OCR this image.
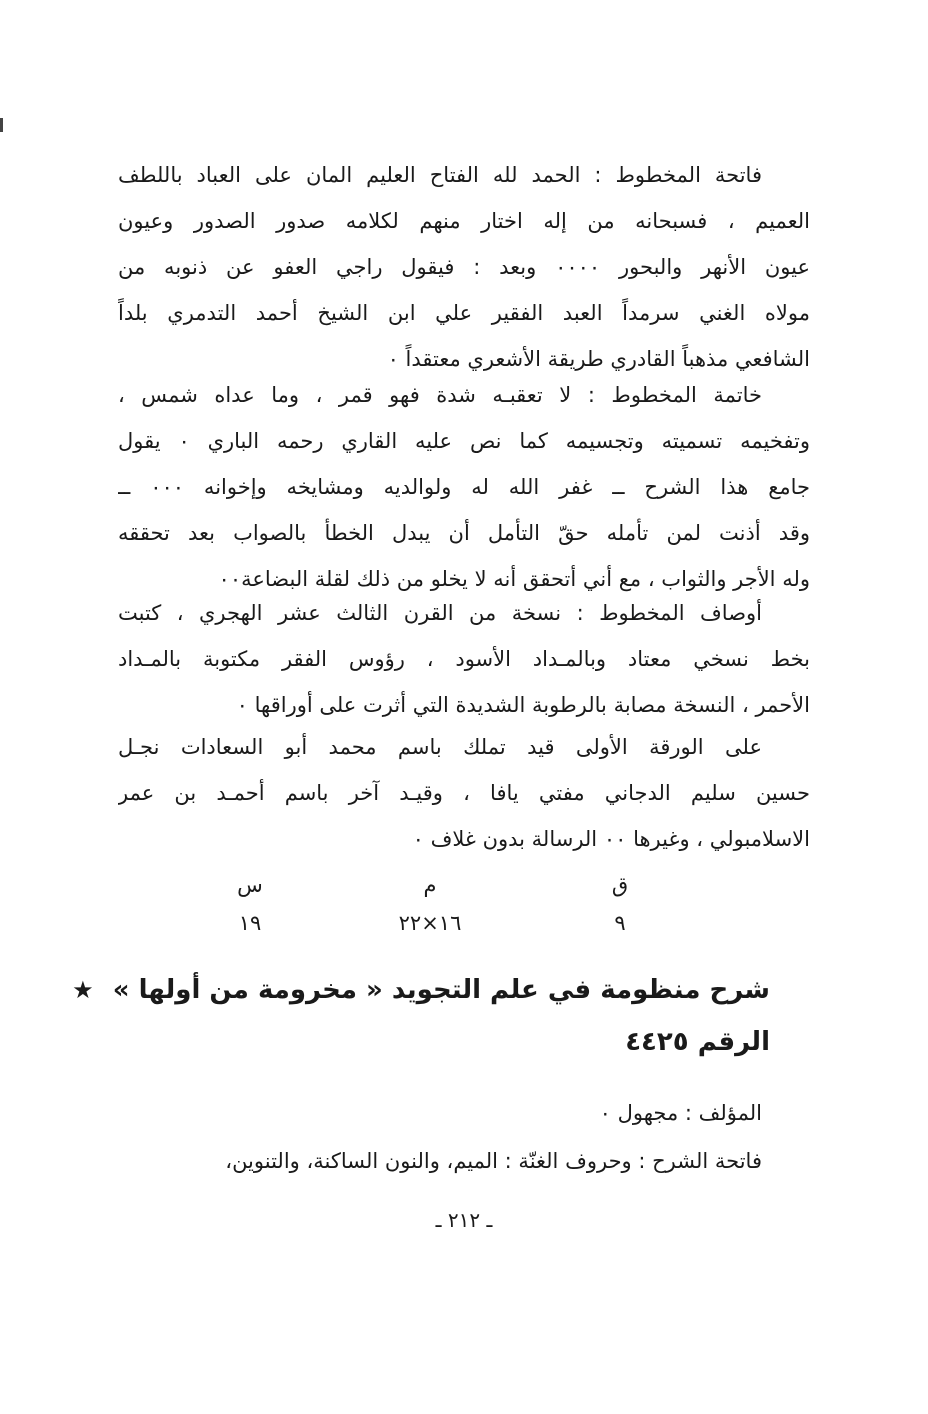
فاتحة المخطوط : الحمد لله الفتاح العليم المان على العباد باللطف
العميم ، فسبحانه من إله اختار منهم لكلامه صدور الصدور وعيون
عيون الأنهر والبحور ٠٠٠٠ وبعد : فيقول راجي العفو عن ذنوبه من
مولاه الغني سرمداً العبد الفقير علي ابن الشيخ أحمد التدمري بلداً
الشافعي مذهباً القادري طريقة الأشعري معتقداً ٠
خاتمة المخطوط : لا تعقبـه شدة فهو قمر ، وما عداه شمس ،
وتفخيمه تسميته وتجسيمه كما نص عليه القاري رحمه الباري ٠ يقول
جامع هذا الشرح ــ غفر الله له ولوالديه ومشايخه وإخوانه ٠٠٠ ــ
وقد أذنت لمن تأمله حقّ التأمل أن يبدل الخطأ بالصواب بعد تحققه
وله الأجر والثواب ، مع أني أتحقق أنه لا يخلو من ذلك لقلة البضاعة٠٠
أوصاف المخطوط : نسخة من القرن الثالث عشر الهجري ، كتبت
بخط نسخي معتاد وبالمـداد الأسود ، رؤوس الفقر مكتوبة بالمـداد
الأحمر ، النسخة مصابة بالرطوبة الشديدة التي أثرت على أوراقها ٠
على الورقة الأولى قيد تملك باسم محمد أبو السعادات نجـل
حسين سليم الدجاني مفتي يافا ، وقيـد آخر باسم أحمـد بن عمر
الاسلامبولي ، وغيرها ٠٠ الرسالة بدون غلاف ٠
ق
٩
م
١٦×٢٢
س
١٩
شرح منظومة في علم التجويد « مخرومة من أولها » ★
الرقم ٤٤٢٥
المؤلف : مجهول ٠
فاتحة الشرح : وحروف الغنّة : الميم، والنون الساكنة، والتنوين،
ـ ٢١٢ ـ
